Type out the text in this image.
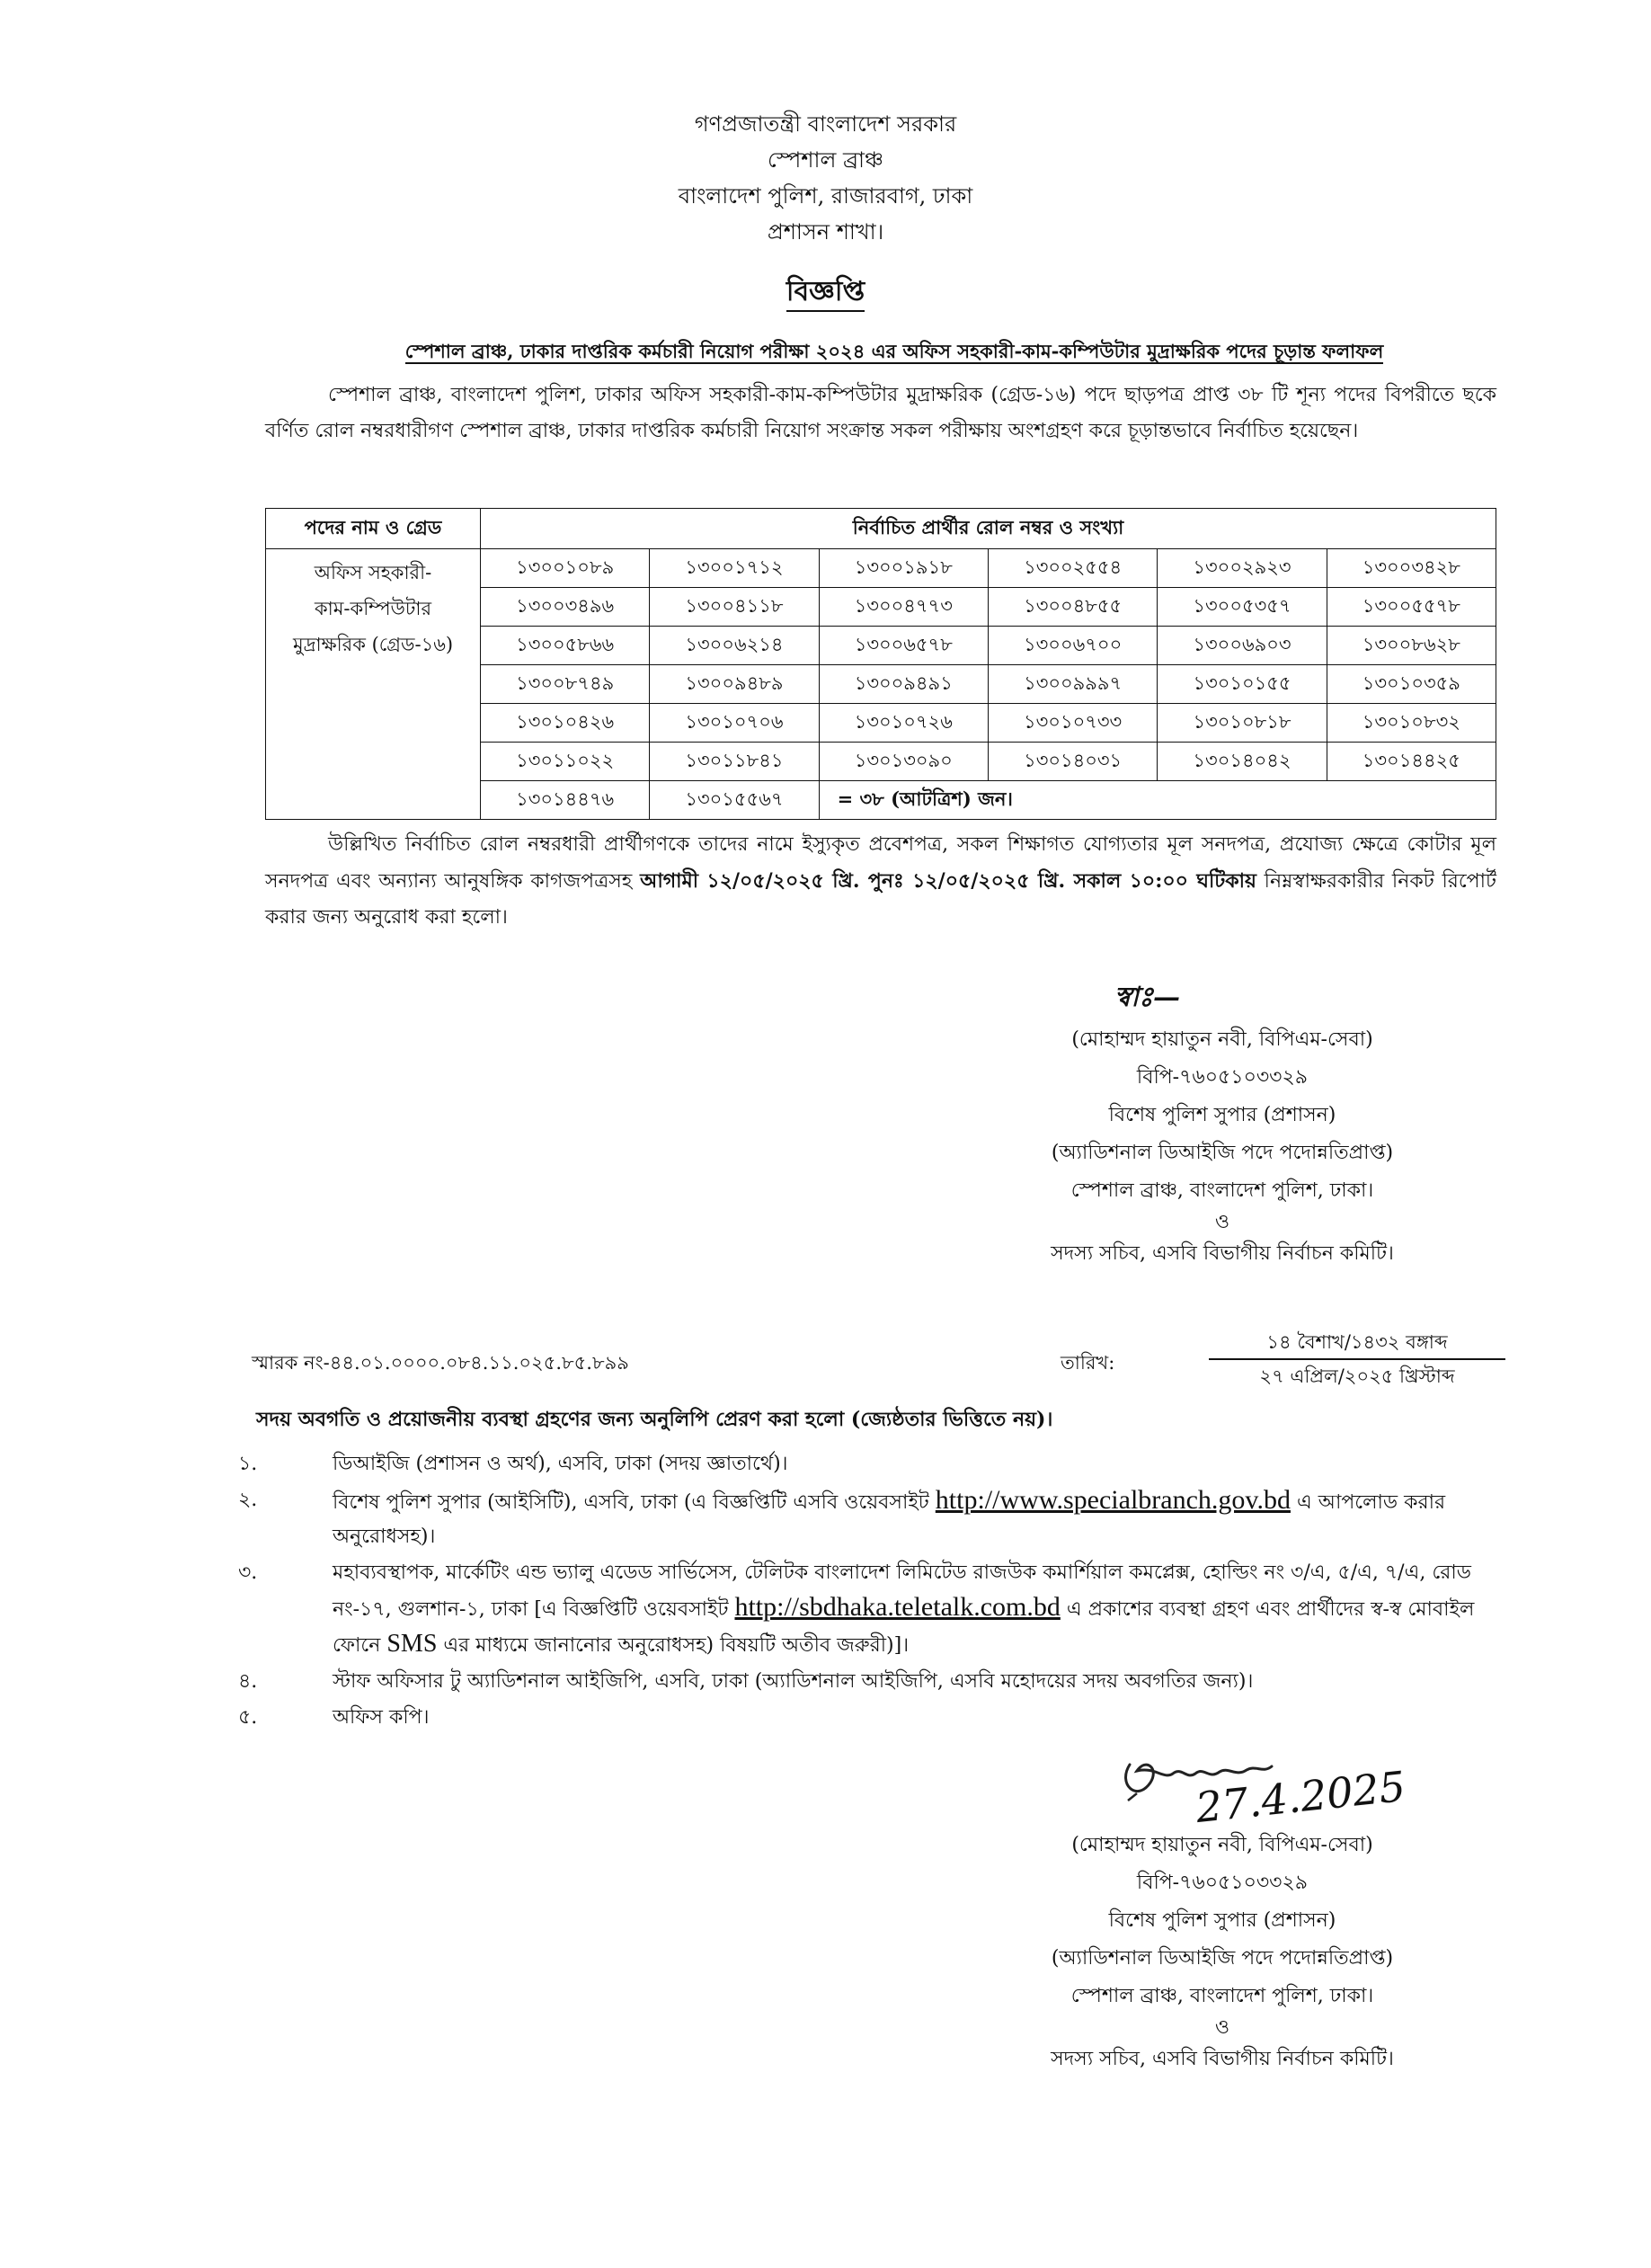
গণপ্রজাতন্ত্রী বাংলাদেশ সরকার
স্পেশাল ব্রাঞ্চ
বাংলাদেশ পুলিশ, রাজারবাগ, ঢাকা
প্রশাসন শাখা।
বিজ্ঞপ্তি
স্পেশাল ব্রাঞ্চ, ঢাকার দাপ্তরিক কর্মচারী নিয়োগ পরীক্ষা ২০২৪ এর অফিস সহকারী-কাম-কম্পিউটার মুদ্রাক্ষরিক পদের চূড়ান্ত ফলাফল
স্পেশাল ব্রাঞ্চ, বাংলাদেশ পুলিশ, ঢাকার অফিস সহকারী-কাম-কম্পিউটার মুদ্রাক্ষরিক (গ্রেড-১৬) পদে ছাড়পত্র প্রাপ্ত ৩৮ টি শূন্য পদের বিপরীতে ছকে বর্ণিত রোল নম্বরধারীগণ স্পেশাল ব্রাঞ্চ, ঢাকার দাপ্তরিক কর্মচারী নিয়োগ সংক্রান্ত সকল পরীক্ষায় অংশগ্রহণ করে চূড়ান্তভাবে নির্বাচিত হয়েছেন।
পদের নাম ও গ্রেড	নির্বাচিত প্রার্থীর রোল নম্বর ও সংখ্যা					

অফিস সহকারী-
কাম-কম্পিউটার
মুদ্রাক্ষরিক (গ্রেড-১৬)	১৩০০১০৮৯	১৩০০১৭১২	১৩০০১৯১৮	১৩০০২৫৫৪	১৩০০২৯২৩	১৩০০৩৪২৮
	১৩০০৩৪৯৬	১৩০০৪১১৮	১৩০০৪৭৭৩	১৩০০৪৮৫৫	১৩০০৫৩৫৭	১৩০০৫৫৭৮
	১৩০০৫৮৬৬	১৩০০৬২১৪	১৩০০৬৫৭৮	১৩০০৬৭০০	১৩০০৬৯০৩	১৩০০৮৬২৮
	১৩০০৮৭৪৯	১৩০০৯৪৮৯	১৩০০৯৪৯১	১৩০০৯৯৯৭	১৩০১০১৫৫	১৩০১০৩৫৯
	১৩০১০৪২৬	১৩০১০৭০৬	১৩০১০৭২৬	১৩০১০৭৩৩	১৩০১০৮১৮	১৩০১০৮৩২
	১৩০১১০২২	১৩০১১৮৪১	১৩০১৩০৯০	১৩০১৪০৩১	১৩০১৪০৪২	১৩০১৪৪২৫
	১৩০১৪৪৭৬	১৩০১৫৫৬৭	= ৩৮ (আটত্রিশ) জন।			
উল্লিখিত নির্বাচিত রোল নম্বরধারী প্রার্থীগণকে তাদের নামে ইস্যুকৃত প্রবেশপত্র, সকল শিক্ষাগত যোগ্যতার মূল সনদপত্র, প্রযোজ্য ক্ষেত্রে কোটার মূল সনদপত্র এবং অন্যান্য আনুষঙ্গিক কাগজপত্রসহ আগামী ১২/০৫/২০২৫ খ্রি. পুনঃ ১২/০৫/২০২৫ খ্রি. সকাল ১০:০০ ঘটিকায় নিম্নস্বাক্ষরকারীর নিকট রিপোর্ট করার জন্য অনুরোধ করা হলো।
স্বাঃ—
(মোহাম্মদ হায়াতুন নবী, বিপিএম-সেবা)
বিপি-৭৬০৫১০৩৩২৯
বিশেষ পুলিশ সুপার (প্রশাসন)
(অ্যাডিশনাল ডিআইজি পদে পদোন্নতিপ্রাপ্ত)
স্পেশাল ব্রাঞ্চ, বাংলাদেশ পুলিশ, ঢাকা।
ও
সদস্য সচিব, এসবি বিভাগীয় নির্বাচন কমিটি।
স্মারক নং-৪৪.০১.০০০০.০৮৪.১১.০২৫.৮৫.৮৯৯	তারিখ:
১৪ বৈশাখ/১৪৩২ বঙ্গাব্দ
২৭ এপ্রিল/২০২৫ খ্রিস্টাব্দ
সদয় অবগতি ও প্রয়োজনীয় ব্যবস্থা গ্রহণের জন্য অনুলিপি প্রেরণ করা হলো (জ্যেষ্ঠতার ভিত্তিতে নয়)।
১.	ডিআইজি (প্রশাসন ও অর্থ), এসবি, ঢাকা (সদয় জ্ঞাতার্থে)।
২.	বিশেষ পুলিশ সুপার (আইসিটি), এসবি, ঢাকা (এ বিজ্ঞপ্তিটি এসবি ওয়েবসাইট http://www.specialbranch.gov.bd এ আপলোড করার অনুরোধসহ)।
৩.	মহাব্যবস্থাপক, মার্কেটিং এন্ড ভ্যালু এডেড সার্ভিসেস, টেলিটক বাংলাদেশ লিমিটেড রাজউক কমার্শিয়াল কমপ্লেক্স, হোল্ডিং নং ৩/এ, ৫/এ, ৭/এ, রোড নং-১৭, গুলশান-১, ঢাকা [এ বিজ্ঞপ্তিটি ওয়েবসাইট http://sbdhaka.teletalk.com.bd এ প্রকাশের ব্যবস্থা গ্রহণ এবং প্রার্থীদের স্ব-স্ব মোবাইল ফোনে SMS এর মাধ্যমে জানানোর অনুরোধসহ) বিষয়টি অতীব জরুরী)]।
৪.	স্টাফ অফিসার টু অ্যাডিশনাল আইজিপি, এসবি, ঢাকা (অ্যাডিশনাল আইজিপি, এসবি মহোদয়ের সদয় অবগতির জন্য)।
৫.	অফিস কপি।
27.4.2025
(মোহাম্মদ হায়াতুন নবী, বিপিএম-সেবা)
বিপি-৭৬০৫১০৩৩২৯
বিশেষ পুলিশ সুপার (প্রশাসন)
(অ্যাডিশনাল ডিআইজি পদে পদোন্নতিপ্রাপ্ত)
স্পেশাল ব্রাঞ্চ, বাংলাদেশ পুলিশ, ঢাকা।
ও
সদস্য সচিব, এসবি বিভাগীয় নির্বাচন কমিটি।
